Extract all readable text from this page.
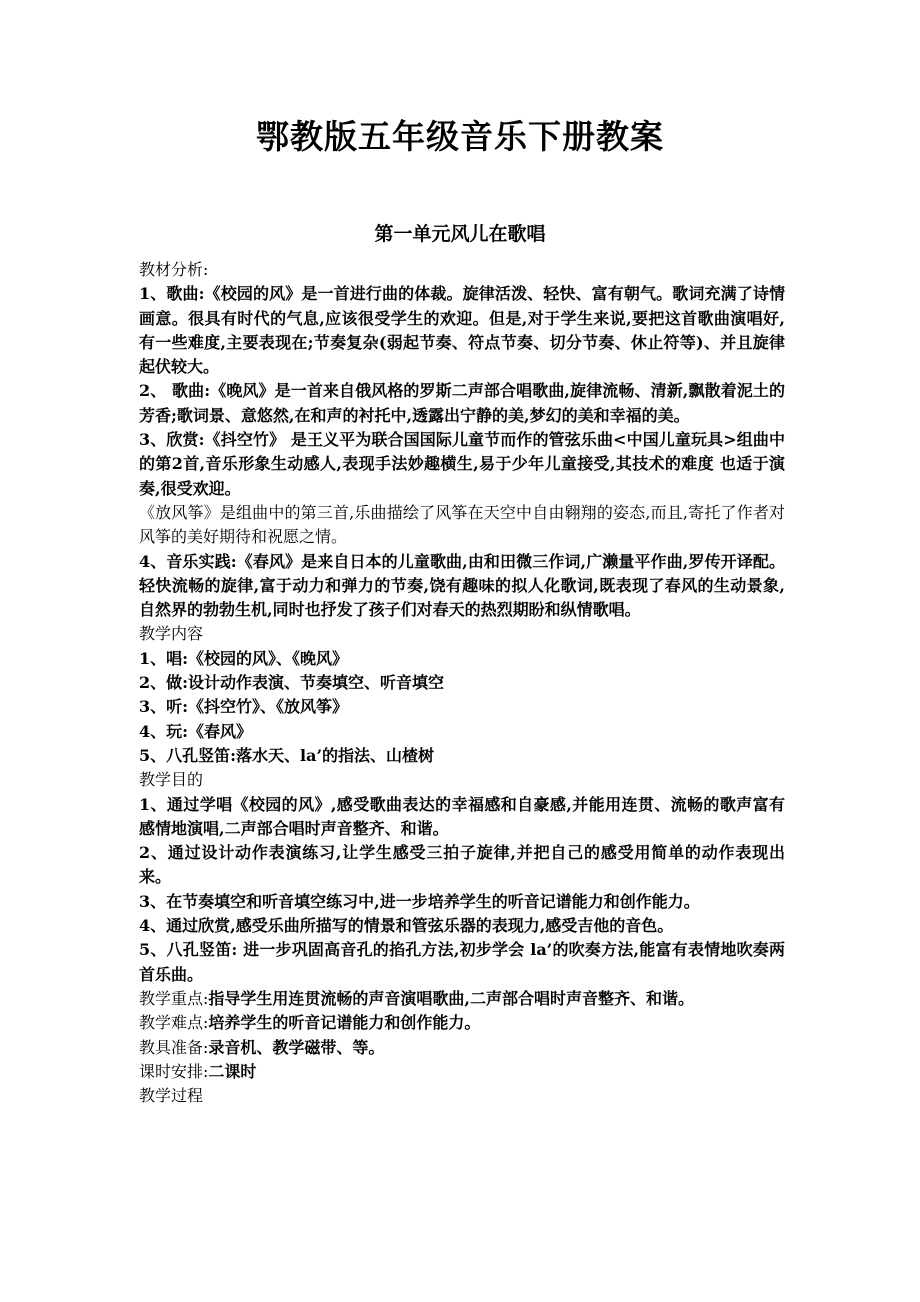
鄂教版五年级音乐下册教案
第一单元风儿在歌唱

教材分析:

1、歌曲:《校园的风》是一首进行曲的体裁。旋律活泼、轻快、富有朝气。歌词充满了诗情画意。很具有时代的气息,应该很受学生的欢迎。但是,对于学生来说,要把这首歌曲演唱好,有一些难度,主要表现在;节奏复杂(弱起节奏、符点节奏、切分节奏、休止符等)、并且旋律起伏较大。

2、 歌曲:《晚风》是一首来自俄风格的罗斯二声部合唱歌曲,旋律流畅、清新,飘散着泥土的芳香;歌词景、意悠然,在和声的衬托中,透露出宁静的美,梦幻的美和幸福的美。

3、欣赏:《抖空竹》 是王义平为联合国国际儿童节而作的管弦乐曲<中国儿童玩具>组曲中的第2首,音乐形象生动感人,表现手法妙趣横生,易于少年儿童接受,其技术的难度 也适于演奏,很受欢迎。

《放风筝》是组曲中的第三首,乐曲描绘了风筝在天空中自由翱翔的姿态,而且,寄托了作者对风筝的美好期待和祝愿之情。

4、音乐实践:《春风》是来自日本的儿童歌曲,由和田微三作词,广濑量平作曲,罗传开译配。轻快流畅的旋律,富于动力和弹力的节奏,饶有趣味的拟人化歌词,既表现了春风的生动景象,自然界的勃勃生机,同时也抒发了孩子们对春天的热烈期盼和纵情歌唱。

教学内容

1、唱:《校园的风》、《晚风》

2、做:设计动作表演、节奏填空、听音填空

3、听:《抖空竹》、《放风筝》

4、玩:《春风》

5、八孔竖笛:落水天、la’的指法、山楂树

教学目的

1、通过学唱《校园的风》,感受歌曲表达的幸福感和自豪感,并能用连贯、流畅的歌声富有感情地演唱,二声部合唱时声音整齐、和谐。

2、通过设计动作表演练习,让学生感受三拍子旋律,并把自己的感受用简单的动作表现出来。

3、在节奏填空和听音填空练习中,进一步培养学生的听音记谱能力和创作能力。

4、通过欣赏,感受乐曲所描写的情景和管弦乐器的表现力,感受吉他的音色。

5、八孔竖笛: 进一步巩固高音孔的掐孔方法,初步学会 la’的吹奏方法,能富有表情地吹奏两首乐曲。

教学重点:指导学生用连贯流畅的声音演唱歌曲,二声部合唱时声音整齐、和谐。

教学难点:培养学生的听音记谱能力和创作能力。

教具准备:录音机、教学磁带、等。

课时安排:二课时

教学过程
